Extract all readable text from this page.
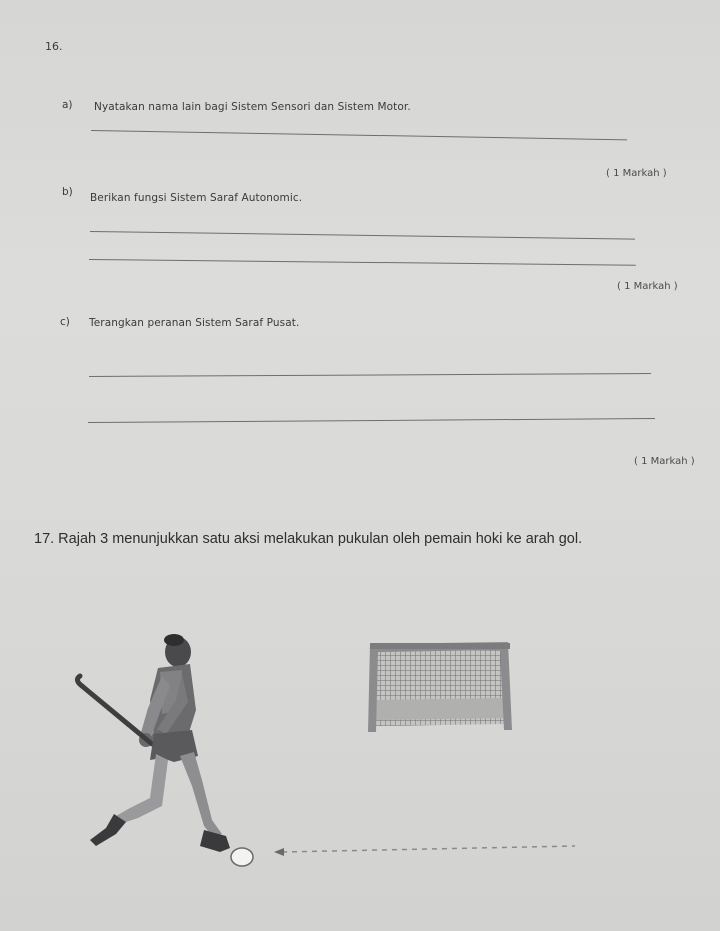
16.
a) Nyatakan nama lain bagi Sistem Sensori dan Sistem Motor.
( 1 Markah )
b) Berikan fungsi Sistem Saraf Autonomic.
( 1 Markah )
c) Terangkan peranan Sistem Saraf Pusat.
( 1 Markah )
17. Rajah 3 menunjukkan satu aksi melakukan pukulan oleh pemain hoki ke arah gol.
